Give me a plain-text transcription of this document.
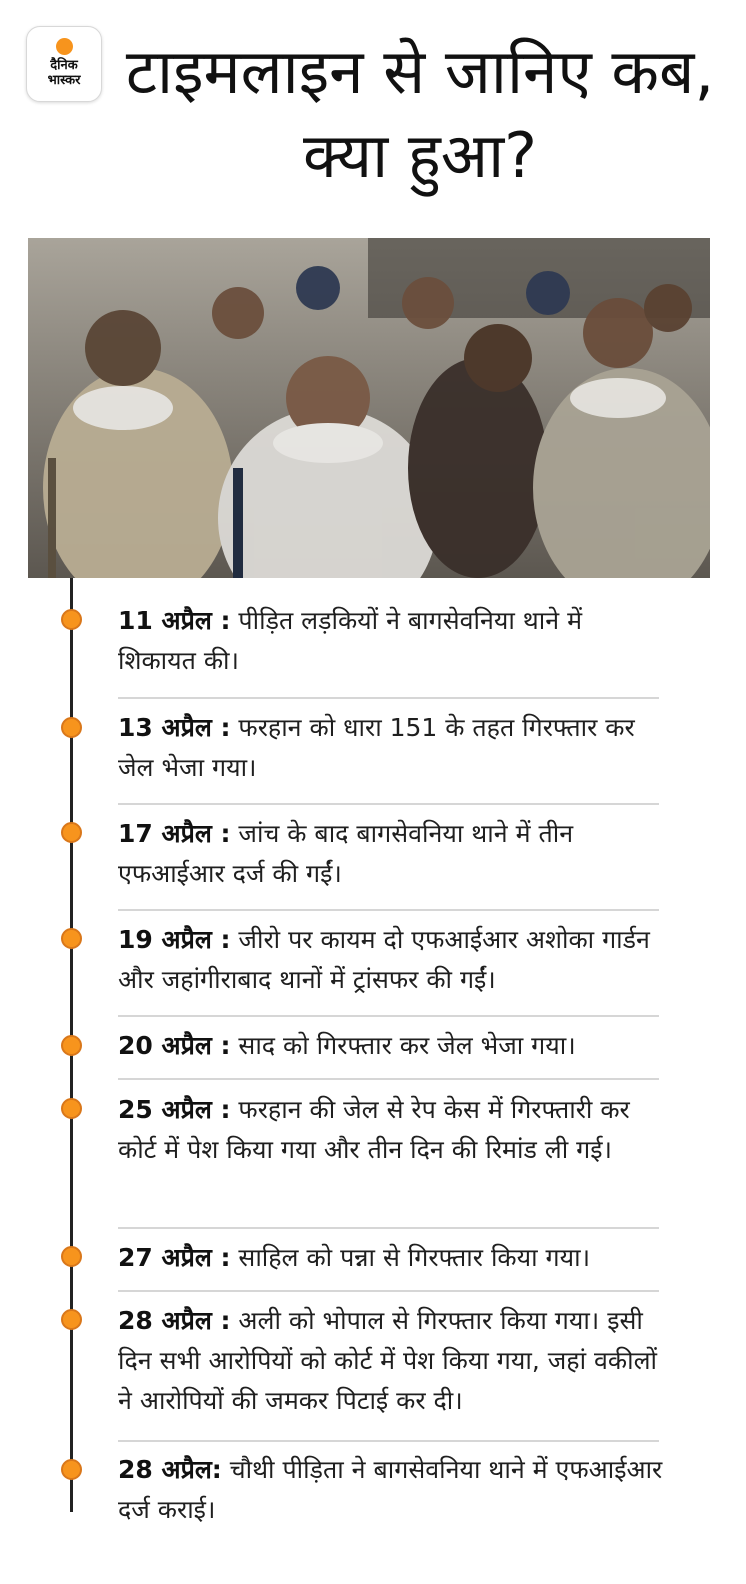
दैनिक
भास्कर टाइमलाइन से जानिए कब, क्या हुआ?
11 अप्रैल : पीड़ित लड़कियों ने बागसेवनिया थाने में शिकायत की।
13 अप्रैल : फरहान को धारा 151 के तहत गिरफ्तार कर जेल भेजा गया।
17 अप्रैल : जांच के बाद बागसेवनिया थाने में तीन एफआईआर दर्ज की गईं।
19 अप्रैल : जीरो पर कायम दो एफआईआर अशोका गार्डन और जहांगीराबाद थानों में ट्रांसफर की गईं।
20 अप्रैल : साद को गिरफ्तार कर जेल भेजा गया।
25 अप्रैल : फरहान की जेल से रेप केस में गिरफ्तारी कर कोर्ट में पेश किया गया और तीन दिन की रिमांड ली गई।
27 अप्रैल : साहिल को पन्ना से गिरफ्तार किया गया।
28 अप्रैल : अली को भोपाल से गिरफ्तार किया गया। इसी दिन सभी आरोपियों को कोर्ट में पेश किया गया, जहां वकीलों ने आरोपियों की जमकर पिटाई कर दी।
28 अप्रैल: चौथी पीड़िता ने बागसेवनिया थाने में एफआईआर दर्ज कराई।
